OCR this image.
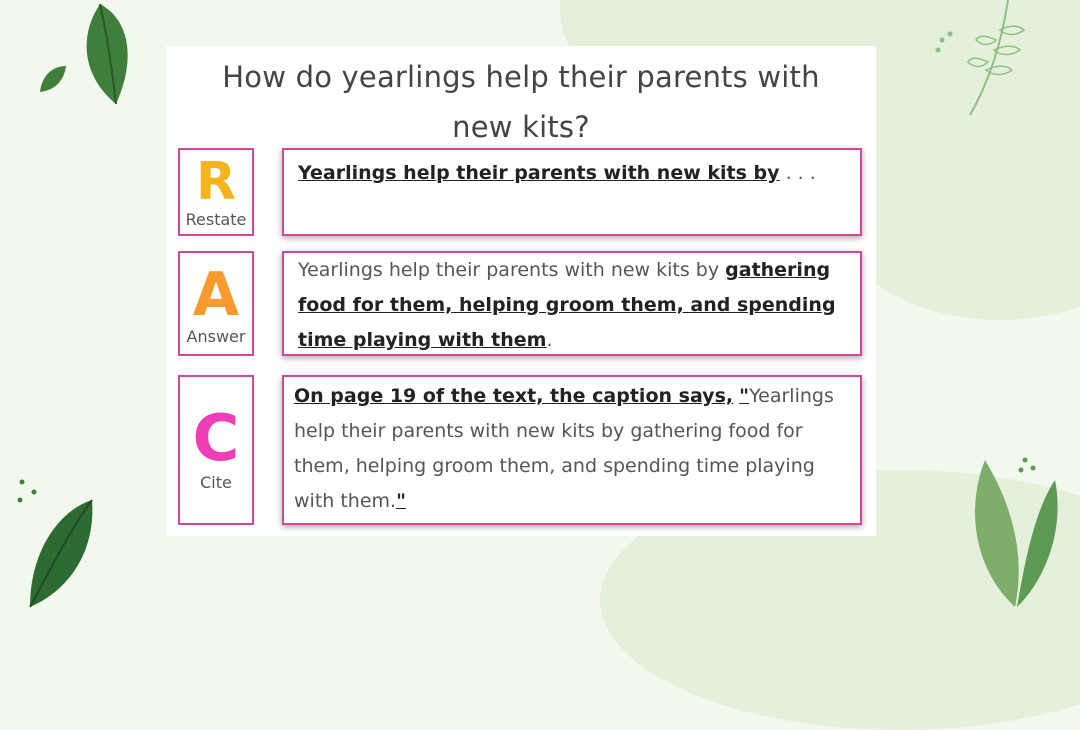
How do yearlings help their parents with
new kits?
R
Restate
Yearlings help their parents with new kits by . . .
A
Answer
Yearlings help their parents with new kits by gathering food for them, helping groom them, and spending time playing with them.
C
Cite
On page 19 of the text, the caption says, "Yearlings help their parents with new kits by gathering food for them, helping groom them, and spending time playing with them."
